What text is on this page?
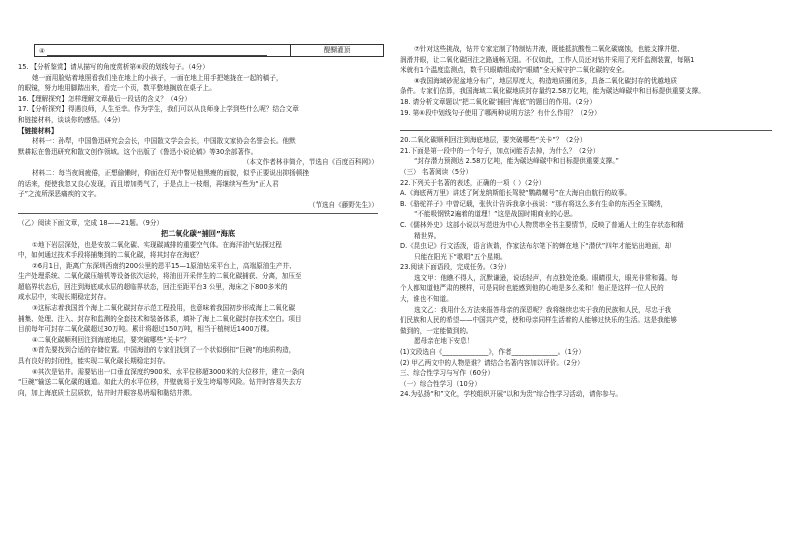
④	醍醐灌顶
15. 【分析鉴赏】请从描写的角度赏析第⑥段的划线句子。（4分）
她一面用脸贴着地照看我们坐在地上的小孩子，一面在地上用手把她拢在一起的稿子，
的眼镜，努力地用脚踏出来，看完一个页，数平整地搁放在桌子上。
16.【理解探究】怎样理解文章最后一段话的含义？（4分）
17.【分析探究】得遇良师，人生至幸。作为学生，我们可以从良师身上学到些什么呢？结合文章
和链接材料，谈谈你的感悟。（4分）
【链接材料】
材料一：孙犁，中国鲁迅研究会会长，中国散文学会会长，中国散文家协会名誉会长。他默
默耕耘在鲁迅研究和散文创作领域。这个出版了《鲁迅小说论稿》等30余部著作。
（本文作者林非简介，节选自《百度百科网》）
材料二：每当夜间疲倦，正想偷懒时，仰面在灯光中瞥见他黑瘦的面貌，似乎正要说出抑扬顿挫
的话来，便使我忽又良心发现，而且增加勇气了，于是点上一枝烟，再继续写些为“正人君
子”之流所深恶痛疾的文字。
（节选自《藤野先生》）
（乙）阅读下面文章，完成 18——21题。（9分）
把二氧化碳“捕回”海底
①地下岩层深处，也是安放二氧化碳、实现碳减排的重要空气体。在海洋油气钻探过程
中，如何通过技术手段将捕集到的二氧化碳，将其封存在海底？
②6月1日，距离广东深圳西南约200公里的恩平15—1原油钻采平台上，高端原油生产井、
生产处理系统、二氧化碳压缩机等设备依次运转，将油田开采伴生的二氧化碳捕获、分离，加压至
超临界状态后，回注到海底咸水层的超临界状态，回注至距平台3 公里，海床之下800多米的
咸水层中，实现长期稳定封存。
③这标志着我国首个海上二氧化碳封存示范工程投用，也意味着我国初步形成海上二氧化碳
捕集、处理、注入、封存和监测的全套技术和装备体系，填补了海上二氧化碳封存技术空白。项目
目前每年可封存二氧化碳超过30万吨。累计将超过150万吨，相当于植树近1400万棵。
④二氧化碳顺利回注到海底地层，要突破哪些“关卡”？
⑤首先要找到合适的存储位置。中国海油的专家们找到了一个状似倒扣“巨碗”的地质构造，
具有良好的封闭性，能实现二氧化碳长期稳定封存。
⑥其次是钻井。需要钻出一口垂直深度约900米、水平位移超3000米的大位移井，建立一条向
“巨碗”输送二氧化碳的通道。如此大的水平位移，井壁就易于发生垮塌等风险。钻井时容易失去方
向，加上海底质土层质软，钻井时井眼容易坍塌和黏结井滞。
⑦针对这些挑战，钻井专家定制了特制钻井液，既能抵抗酸性二氧化碳腐蚀，也能支撑井壁、
润滑井眼，让二氧化碳回注之路通畅无阻。不仅如此，工作人员还对钻井采用了光纤监测装置，每隔1
米就有1个温度监测点，数千只眼睛组成的“眼睛”全天候守护二氧化碳的安全。
⑧我国海域砂泥盆地分布广，地层厚度大，构造地质圈闭多，具备二氧化碳封存的优越地质
条件。专家们估算，我国海域二氧化碳地质封存量约2.58万亿吨，能为碳达峰碳中和目标提供重要支撑。
18. 请分析文章题以“把二氧化碳‘捕回’海底”的题目的作用。（2分）
19. 第⑥段中划线句子使用了哪两种说明方法？有什么作用？（2分）
20.二氧化碳顺利回注到海底地层，要突破哪些“关卡”？（2分）
21.下面是第一段中的一个句子，加点词能否去掉，为什么？（2分）
“封存潜力预测达 2.58万亿吨，能为碳达峰碳中和目标提供重要支撑。”
（三） 名著阅读（5分）
22.下列关于名著的表述，正确的一项（ ）（2分）
A.《海底两万里》讲述了阿龙纳斯船长驾驶“鹦鹉螺号”在大海自由航行的故事。
B.《骆驼祥子》中曾记载，张伙计告诉我拿小孩说：“那有将这么多有生命的东西全玉镯绣，
“不能吸钢铁2遍着的道理！”这是战国时期商业的心思。
C.《儒林外史》这部小说以写范进为中心人物贯串全书主要情节，反映了普通人士的生存状态和精
精世界。
D.《昆虫记》行文活泼，语言诙谐，作家法布尔笔下的蝉在地下“潜伏”四年才能钻出地面，却
只能在阳光下“歌唱”五个星期。
23.阅读下面语段，完成任务。（3分）
选文甲：他瞧不得人，沉默谦逊，说话轻声，有点独处沧桑。眼睛很大，眼光非常和蔼。每
个人都知道他严肃的模样，可是同时也能感到他的心地是多么柔和！他正是这样一位人民的
大，谁也不知道。
选文乙：我用什么方法来报答母亲的深恩呢？我将继续忠实于我的民族和人民，尽忠于我
们民族和人民的希望——中国共产党，使和母亲同样生活着的人能够过快乐的生活。这是我能够
做到的，一定能做到的。
愿母亲在地下安息！
(1)文段选自《______________》，作者______________。（1分）
(2) 甲乙两文中的人物是谁？请结合名著内容加以评价。（2分）
三、综合性学习与写作（60分）
（一）综合性学习（10分）
24.为弘扬“和”文化，学校组织开展“以和为贵”综合性学习活动，请你参与。
